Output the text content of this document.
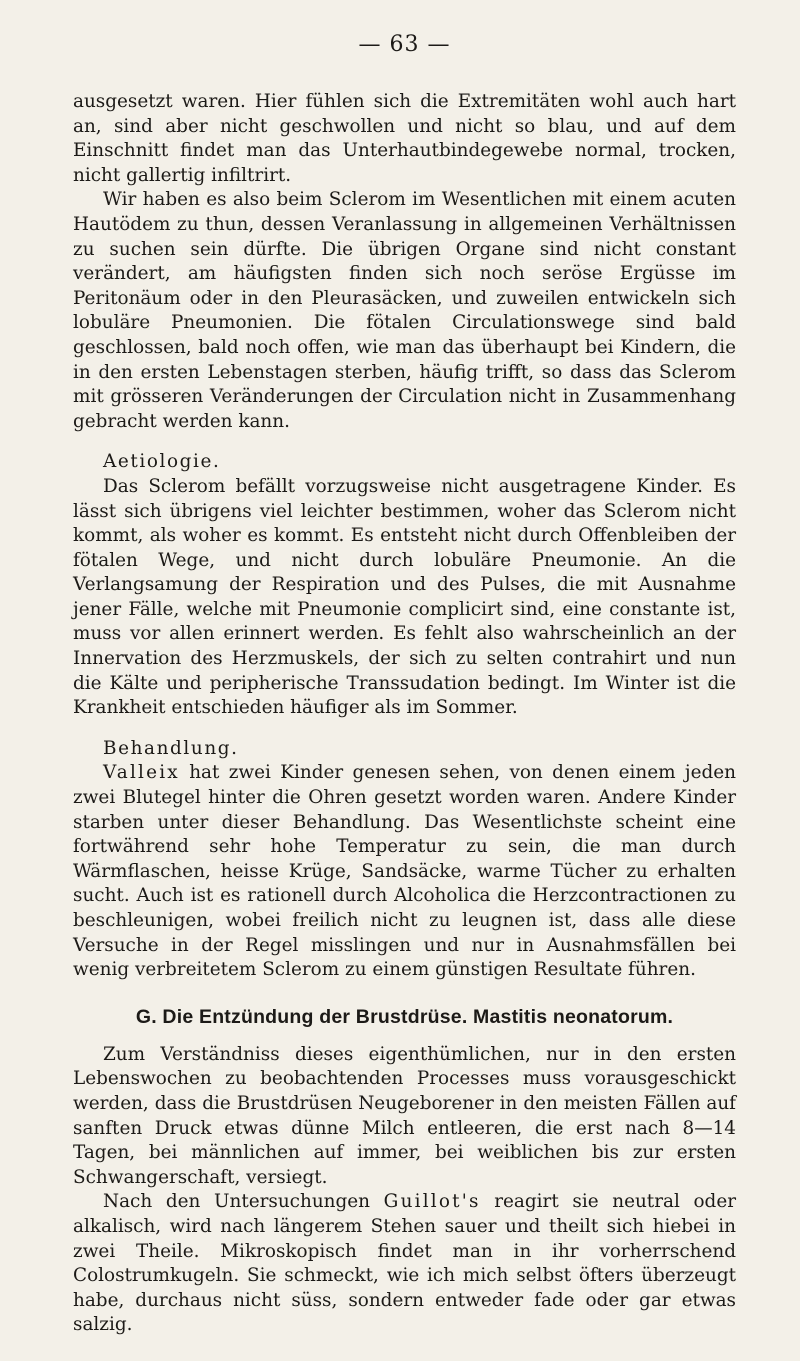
— 63 —

ausgesetzt waren. Hier fühlen sich die Extremitäten wohl auch hart an, sind aber nicht geschwollen und nicht so blau, und auf dem Einschnitt findet man das Unterhautbindegewebe normal, trocken, nicht gallertig infiltrirt.

Wir haben es also beim Sclerom im Wesentlichen mit einem acuten Hautödem zu thun, dessen Veranlassung in allgemeinen Verhältnissen zu suchen sein dürfte. Die übrigen Organe sind nicht constant verändert, am häufigsten finden sich noch seröse Ergüsse im Peritonäum oder in den Pleurasäcken, und zuweilen entwickeln sich lobuläre Pneumonien. Die fötalen Circulationswege sind bald geschlossen, bald noch offen, wie man das überhaupt bei Kindern, die in den ersten Lebenstagen sterben, häufig trifft, so dass das Sclerom mit grösseren Veränderungen der Circulation nicht in Zusammenhang gebracht werden kann.

Aetiologie.

Das Sclerom befällt vorzugsweise nicht ausgetragene Kinder. Es lässt sich übrigens viel leichter bestimmen, woher das Sclerom nicht kommt, als woher es kommt. Es entsteht nicht durch Offenbleiben der fötalen Wege, und nicht durch lobuläre Pneumonie. An die Verlangsamung der Respiration und des Pulses, die mit Ausnahme jener Fälle, welche mit Pneumonie complicirt sind, eine constante ist, muss vor allen erinnert werden. Es fehlt also wahrscheinlich an der Innervation des Herzmuskels, der sich zu selten contrahirt und nun die Kälte und peripherische Transsudation bedingt. Im Winter ist die Krankheit entschieden häufiger als im Sommer.

Behandlung.

Valleix hat zwei Kinder genesen sehen, von denen einem jeden zwei Blutegel hinter die Ohren gesetzt worden waren. Andere Kinder starben unter dieser Behandlung. Das Wesentlichste scheint eine fortwährend sehr hohe Temperatur zu sein, die man durch Wärmflaschen, heisse Krüge, Sandsäcke, warme Tücher zu erhalten sucht. Auch ist es rationell durch Alcoholica die Herzcontractionen zu beschleunigen, wobei freilich nicht zu leugnen ist, dass alle diese Versuche in der Regel misslingen und nur in Ausnahmsfällen bei wenig verbreitetem Sclerom zu einem günstigen Resultate führen.

G. Die Entzündung der Brustdrüse. Mastitis neonatorum.

Zum Verständniss dieses eigenthümlichen, nur in den ersten Lebenswochen zu beobachtenden Processes muss vorausgeschickt werden, dass die Brustdrüsen Neugeborener in den meisten Fällen auf sanften Druck etwas dünne Milch entleeren, die erst nach 8—14 Tagen, bei männlichen auf immer, bei weiblichen bis zur ersten Schwangerschaft, versiegt.

Nach den Untersuchungen Guillot's reagirt sie neutral oder alkalisch, wird nach längerem Stehen sauer und theilt sich hiebei in zwei Theile. Mikroskopisch findet man in ihr vorherrschend Colostrumkugeln. Sie schmeckt, wie ich mich selbst öfters überzeugt habe, durchaus nicht süss, sondern entweder fade oder gar etwas salzig.
